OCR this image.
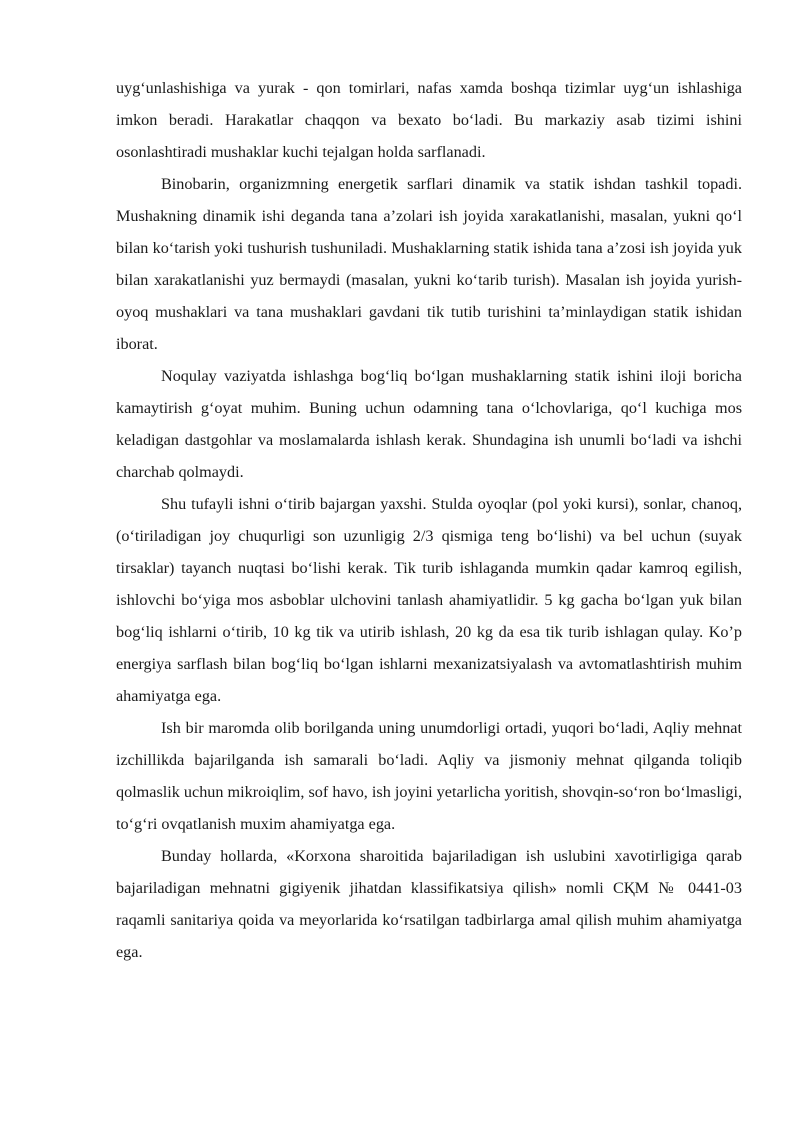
uyg‘unlashishiga va yurak - qon tomirlari, nafas xamda boshqa tizimlar uyg‘un ishlashiga imkon beradi. Harakatlar chaqqon va bexato bo‘ladi. Bu markaziy asab tizimi ishini osonlashtiradi mushaklar kuchi tejalgan holda sarflanadi.

Binobarin, organizmning energetik sarflari dinamik va statik ishdan tashkil topadi. Mushakning dinamik ishi deganda tana a’zolari ish joyida xarakatlanishi, masalan, yukni qo‘l bilan ko‘tarish yoki tushurish tushuniladi. Mushaklarning statik ishida tana a’zosi ish joyida yuk bilan xarakatlanishi yuz bermaydi (masalan, yukni ko‘tarib turish). Masalan ish joyida yurish- oyoq mushaklari va tana mushaklari gavdani tik tutib turishini ta’minlaydigan statik ishidan iborat.

Noqulay vaziyatda ishlashga bog‘liq bo‘lgan mushaklarning statik ishini iloji boricha kamaytirish g‘oyat muhim. Buning uchun odamning tana o‘lchovlariga, qo‘l kuchiga mos keladigan dastgohlar va moslamalarda ishlash kerak. Shundagina ish unumli bo‘ladi va ishchi charchab qolmaydi.

Shu tufayli ishni o‘tirib bajargan yaxshi. Stulda oyoqlar (pol yoki kursi), sonlar, chanoq, (o‘tiriladigan joy chuqurligi son uzunligig 2/3 qismiga teng bo‘lishi) va bel uchun (suyak tirsaklar) tayanch nuqtasi bo‘lishi kerak. Tik turib ishlaganda mumkin qadar kamroq egilish, ishlovchi bo‘yiga mos asboblar ulchovini tanlash ahamiyatlidir. 5 kg gacha bo‘lgan yuk bilan bog‘liq ishlarni o‘tirib, 10 kg tik va utirib ishlash, 20 kg da esa tik turib ishlagan qulay. Ko’p energiya sarflash bilan bog‘liq bo‘lgan ishlarni mexanizatsiyalash va avtomatlashtirish muhim ahamiyatga ega.

Ish bir maromda olib borilganda uning unumdorligi ortadi, yuqori bo‘ladi, Aqliy mehnat izchillikda bajarilganda ish samarali bo‘ladi. Aqliy va jismoniy mehnat qilganda toliqib qolmaslik uchun mikroiqlim, sof havo, ish joyini yetarlicha yoritish, shovqin-so‘ron bo‘lmasligi, to‘g‘ri ovqatlanish muxim ahamiyatga ega.

Bunday hollarda, «Korxona sharoitida bajariladigan ish uslubini xavotirligiga qarab bajariladigan mehnatni gigiyenik jihatdan klassifikatsiya qilish» nomli СҚМ № 0441-03 raqamli sanitariya qoida va meyorlarida ko‘rsatilgan tadbirlarga amal qilish muhim ahamiyatga ega.
